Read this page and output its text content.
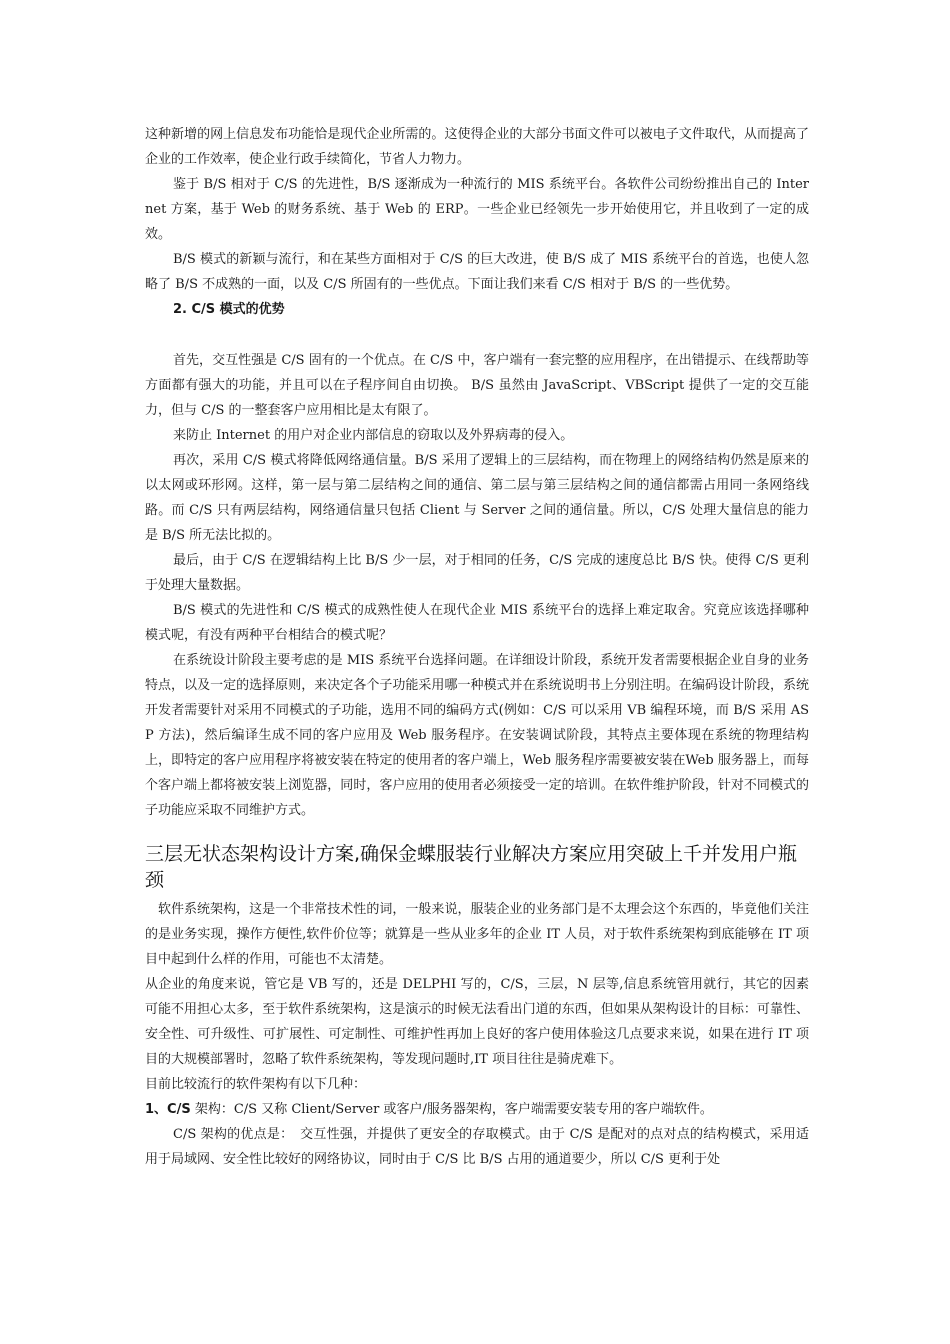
这种新增的网上信息发布功能恰是现代企业所需的。这使得企业的大部分书面文件可以被电子文件取代，从而提高了企业的工作效率，使企业行政手续简化，节省人力物力。

鉴于 B/S 相对于 C/S 的先进性，B/S 逐渐成为一种流行的 MIS 系统平台。各软件公司纷纷推出自己的 Internet 方案，基于 Web 的财务系统、基于 Web 的 ERP。一些企业已经领先一步开始使用它，并且收到了一定的成效。

B/S 模式的新颖与流行，和在某些方面相对于 C/S 的巨大改进，使 B/S 成了 MIS 系统平台的首选，也使人忽略了 B/S 不成熟的一面，以及 C/S 所固有的一些优点。下面让我们来看 C/S 相对于 B/S 的一些优势。

2. C/S 模式的优势

首先，交互性强是 C/S 固有的一个优点。在 C/S 中，客户端有一套完整的应用程序，在出错提示、在线帮助等方面都有强大的功能，并且可以在子程序间自由切换。 B/S 虽然由 JavaScript、VBScript 提供了一定的交互能力，但与 C/S 的一整套客户应用相比是太有限了。

来防止 Internet 的用户对企业内部信息的窃取以及外界病毒的侵入。

再次，采用 C/S 模式将降低网络通信量。B/S 采用了逻辑上的三层结构，而在物理上的网络结构仍然是原来的以太网或环形网。这样，第一层与第二层结构之间的通信、第二层与第三层结构之间的通信都需占用同一条网络线路。而 C/S 只有两层结构，网络通信量只包括 Client 与 Server 之间的通信量。所以，C/S 处理大量信息的能力是 B/S 所无法比拟的。

最后，由于 C/S 在逻辑结构上比 B/S 少一层，对于相同的任务，C/S 完成的速度总比 B/S 快。使得 C/S 更利于处理大量数据。

B/S 模式的先进性和 C/S 模式的成熟性使人在现代企业 MIS 系统平台的选择上难定取舍。究竟应该选择哪种模式呢，有没有两种平台相结合的模式呢？

在系统设计阶段主要考虑的是 MIS 系统平台选择问题。在详细设计阶段，系统开发者需要根据企业自身的业务特点，以及一定的选择原则，来决定各个子功能采用哪一种模式并在系统说明书上分别注明。在编码设计阶段，系统开发者需要针对采用不同模式的子功能，选用不同的编码方式(例如：C/S 可以采用 VB 编程环境，而 B/S 采用 ASP 方法)，然后编译生成不同的客户应用及 Web 服务程序。在安装调试阶段，其特点主要体现在系统的物理结构上，即特定的客户应用程序将被安装在特定的使用者的客户端上，Web 服务程序需要被安装在Web 服务器上，而每个客户端上都将被安装上浏览器，同时，客户应用的使用者必须接受一定的培训。在软件维护阶段，针对不同模式的子功能应采取不同维护方式。

三层无状态架构设计方案,确保金蝶服装行业解决方案应用突破上千并发用户瓶颈

软件系统架构，这是一个非常技术性的词，一般来说，服装企业的业务部门是不太理会这个东西的，毕竟他们关注的是业务实现，操作方便性,软件价位等；就算是一些从业多年的企业 IT 人员，对于软件系统架构到底能够在 IT 项目中起到什么样的作用，可能也不太清楚。

从企业的角度来说，管它是 VB 写的，还是 DELPHI 写的，C/S，三层，N 层等,信息系统管用就行，其它的因素可能不用担心太多，至于软件系统架构，这是演示的时候无法看出门道的东西，但如果从架构设计的目标：可靠性、安全性、可升级性、可扩展性、可定制性、可维护性再加上良好的客户使用体验这几点要求来说，如果在进行 IT 项目的大规模部署时，忽略了软件系统架构，等发现问题时,IT 项目往往是骑虎难下。

目前比较流行的软件架构有以下几种：

1、C/S 架构：C/S 又称 Client/Server 或客户/服务器架构，客户端需要安装专用的客户端软件。

C/S 架构的优点是：　交互性强，并提供了更安全的存取模式。由于 C/S 是配对的点对点的结构模式，采用适用于局域网、安全性比较好的网络协议，同时由于 C/S 比 B/S 占用的通道要少，所以 C/S 更利于处
